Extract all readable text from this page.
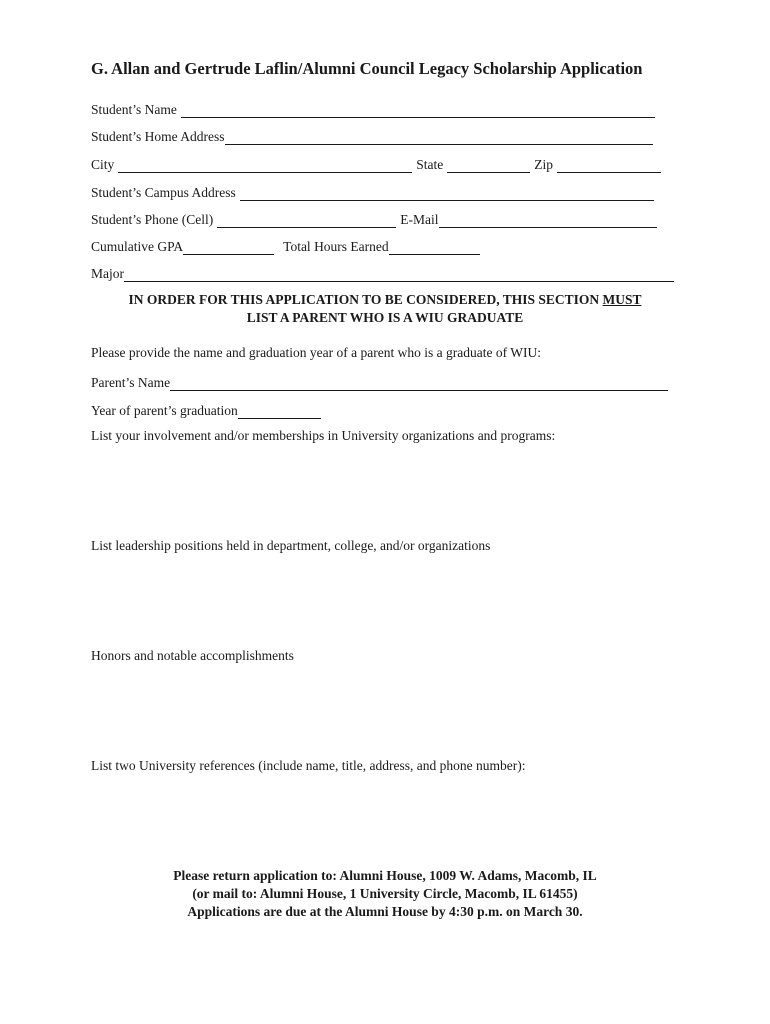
G. Allan and Gertrude Laflin/Alumni Council Legacy Scholarship Application
Student’s Name
Student’s Home Address
City	State	Zip
Student’s Campus Address
Student’s Phone (Cell)	E-Mail
Cumulative GPA	Total Hours Earned
Major
IN ORDER FOR THIS APPLICATION TO BE CONSIDERED, THIS SECTION MUST
LIST A PARENT WHO IS A WIU GRADUATE
Please provide the name and graduation year of a parent who is a graduate of WIU:
Parent’s Name
Year of parent’s graduation
List your involvement and/or memberships in University organizations and programs:
List leadership positions held in department, college, and/or organizations
Honors and notable accomplishments
List two University references (include name, title, address, and phone number):
Please return application to: Alumni House, 1009 W. Adams, Macomb, IL
(or mail to: Alumni House, 1 University Circle, Macomb, IL 61455)
Applications are due at the Alumni House by 4:30 p.m. on March 30.
